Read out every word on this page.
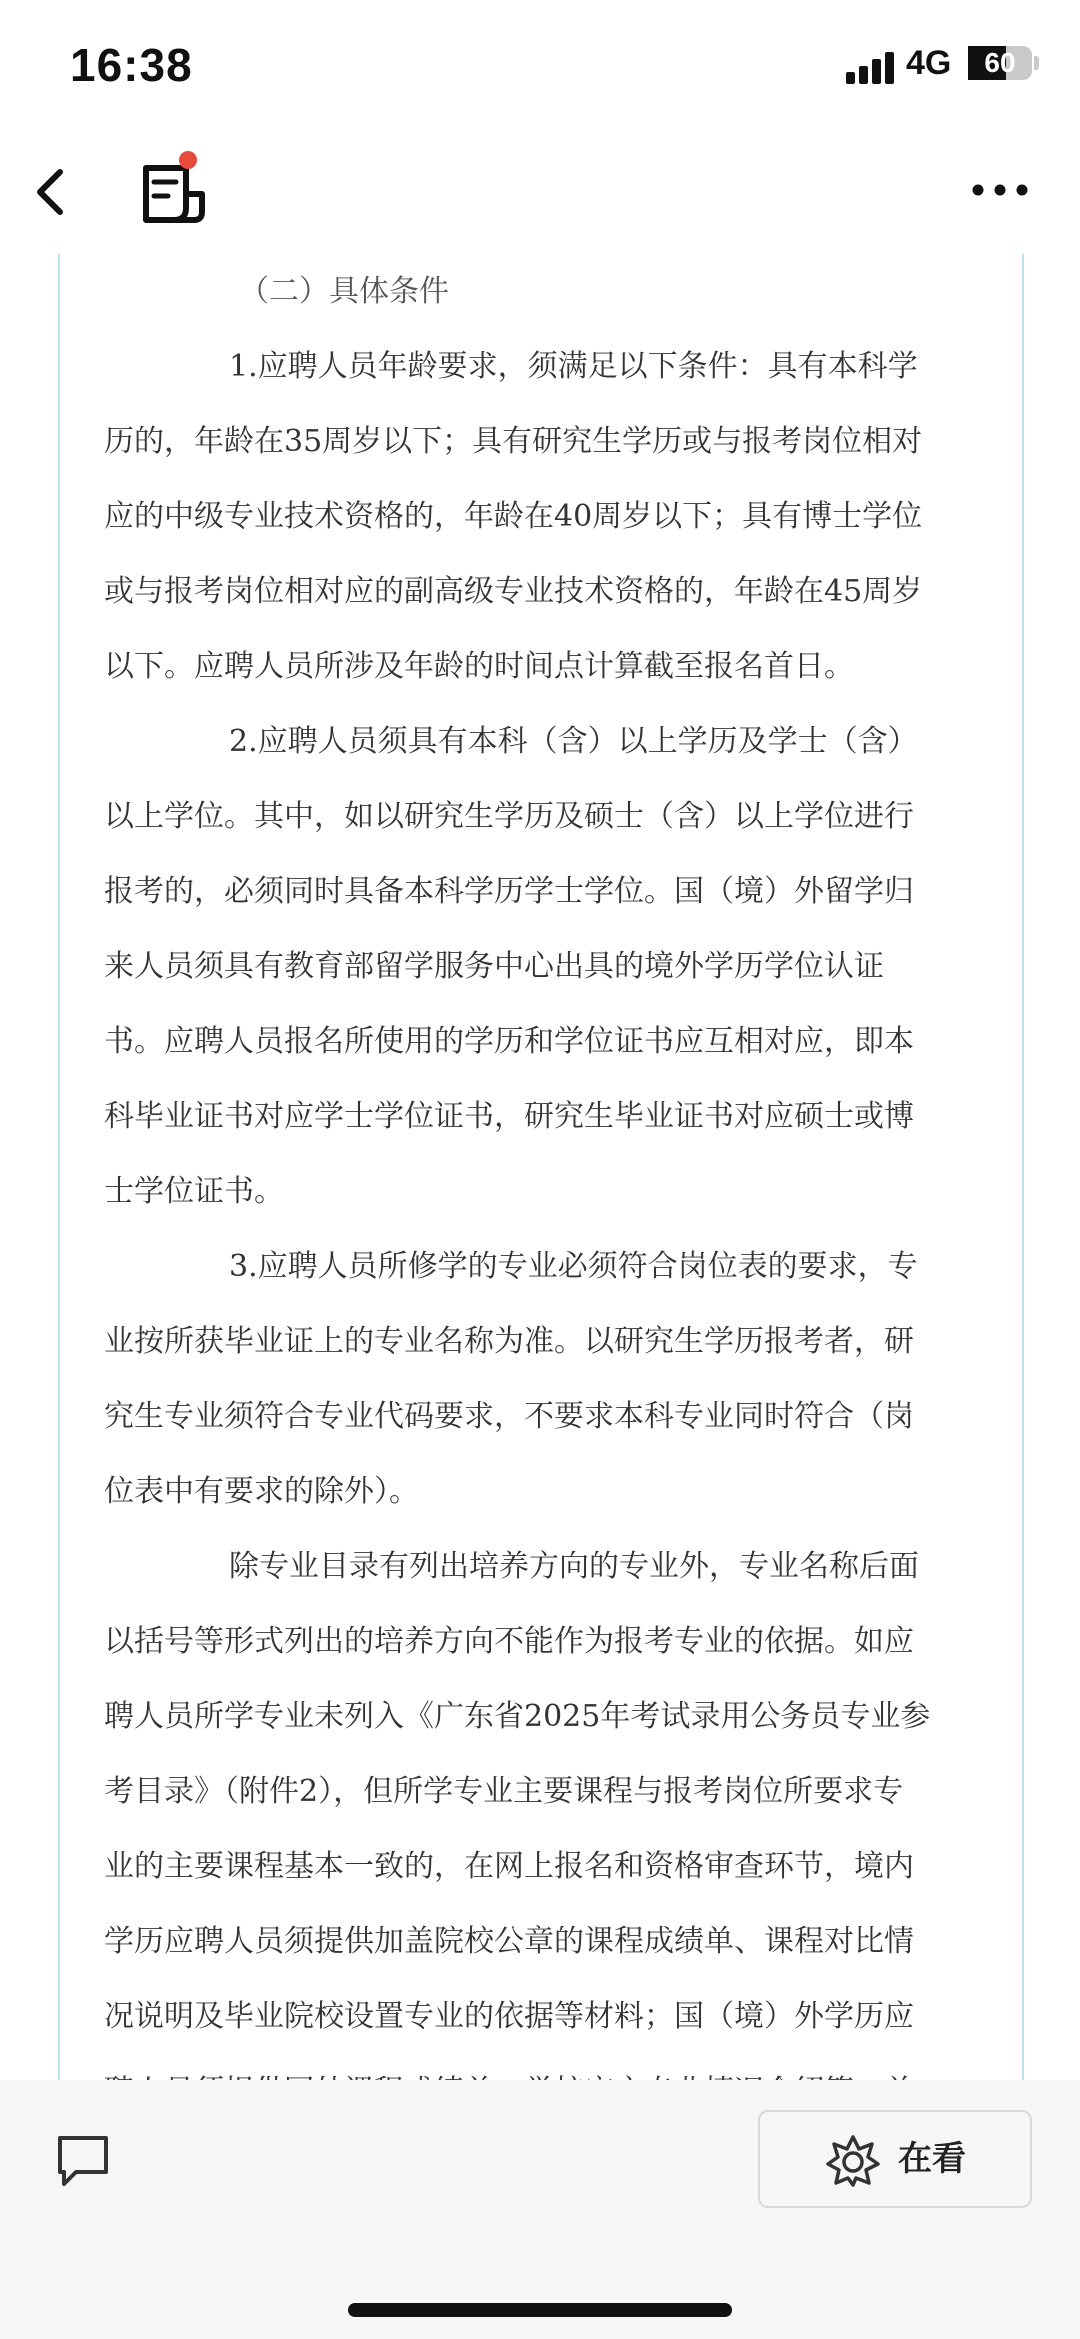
16:38	4G	60
（二）具体条件
1.应聘人员年龄要求，须满足以下条件：具有本科学
历的，年龄在35周岁以下；具有研究生学历或与报考岗位相对
应的中级专业技术资格的，年龄在40周岁以下；具有博士学位
或与报考岗位相对应的副高级专业技术资格的，年龄在45周岁
以下。应聘人员所涉及年龄的时间点计算截至报名首日。
2.应聘人员须具有本科（含）以上学历及学士（含）
以上学位。其中，如以研究生学历及硕士（含）以上学位进行
报考的，必须同时具备本科学历学士学位。国（境）外留学归
来人员须具有教育部留学服务中心出具的境外学历学位认证
书。应聘人员报名所使用的学历和学位证书应互相对应，即本
科毕业证书对应学士学位证书，研究生毕业证书对应硕士或博
士学位证书。
3.应聘人员所修学的专业必须符合岗位表的要求，专
业按所获毕业证上的专业名称为准。以研究生学历报考者，研
究生专业须符合专业代码要求，不要求本科专业同时符合（岗
位表中有要求的除外）。
除专业目录有列出培养方向的专业外，专业名称后面
以括号等形式列出的培养方向不能作为报考专业的依据。如应
聘人员所学专业未列入《广东省2025年考试录用公务员专业参
考目录》（附件2），但所学专业主要课程与报考岗位所要求专
业的主要课程基本一致的，在网上报名和资格审查环节，境内
学历应聘人员须提供加盖院校公章的课程成绩单、课程对比情
况说明及毕业院校设置专业的依据等材料；国（境）外学历应
在看
